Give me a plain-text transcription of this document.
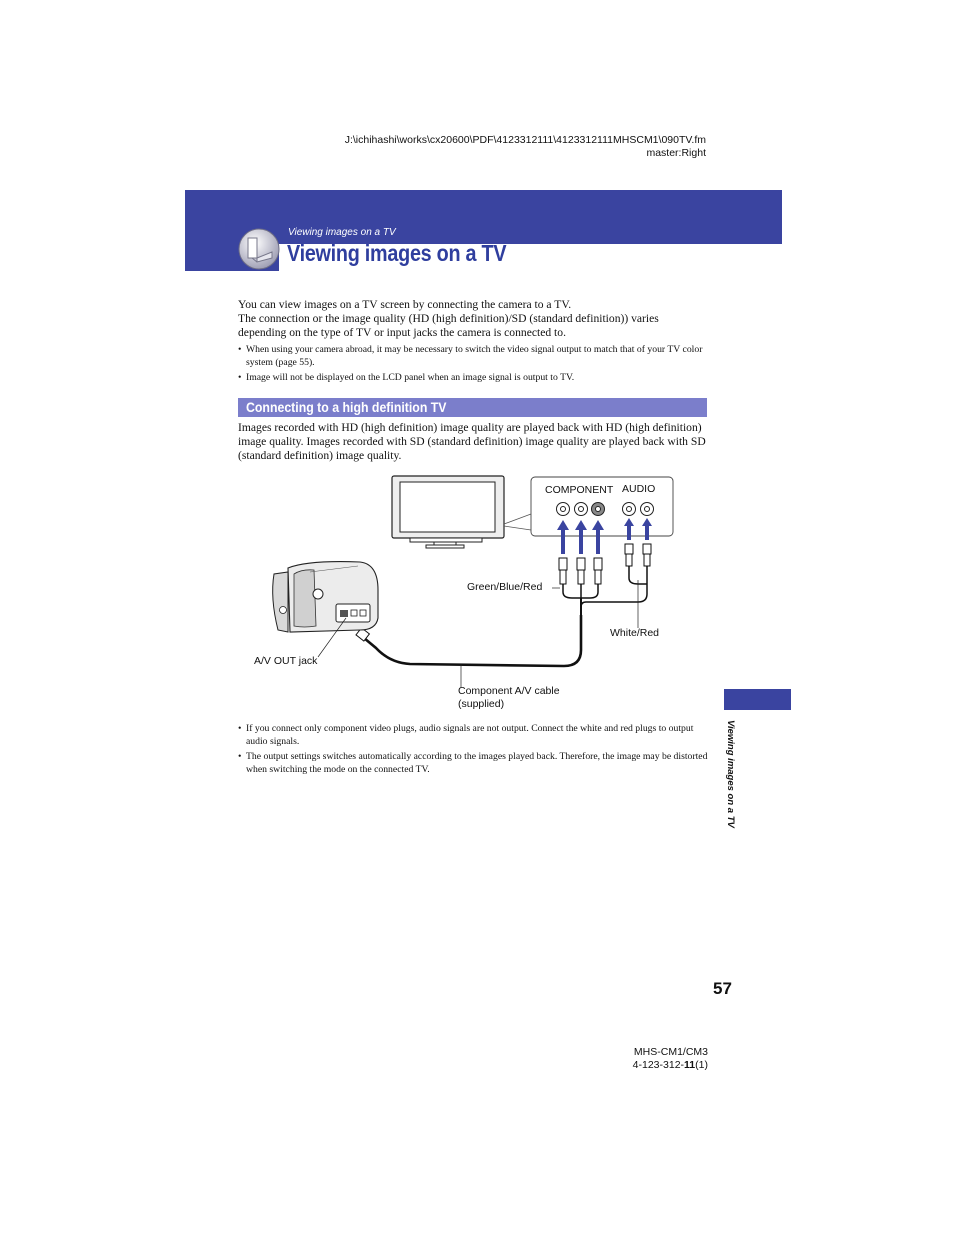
J:\ichihashi\works\cx20600\PDF\4123312111\4123312111MHSCM1\090TV.fm
master:Right
Viewing images on a TV
Viewing images on a TV
You can view images on a TV screen by connecting the camera to a TV.
The connection or the image quality (HD (high definition)/SD (standard definition)) varies depending on the type of TV or input jacks the camera is connected to.
• When using your camera abroad, it may be necessary to switch the video signal output to match that of your TV color system (page 55).
• Image will not be displayed on the LCD panel when an image signal is output to TV.
Connecting to a high definition TV
Images recorded with HD (high definition) image quality are played back with HD (high definition) image quality. Images recorded with SD (standard definition) image quality are played back with SD (standard definition) image quality.
COMPONENT AUDIO
Green/Blue/Red
White/Red
A/V OUT jack
Component A/V cable
(supplied)
• If you connect only component video plugs, audio signals are not output. Connect the white and red plugs to output audio signals.
• The output settings switches automatically according to the images played back. Therefore, the image may be distorted when switching the mode on the connected TV.	Viewing images on a TV
57
MHS-CM1/CM3
4-123-312-11(1)
